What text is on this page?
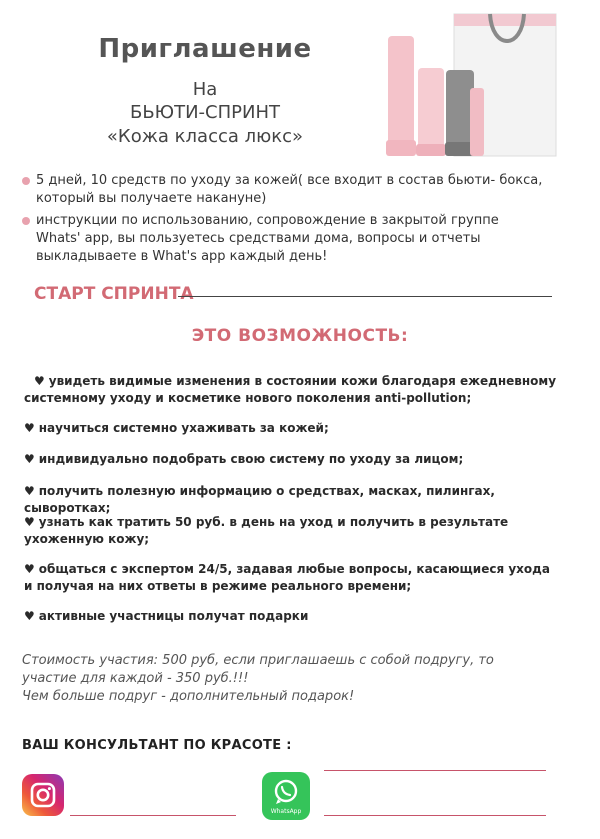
Приглашение
На
БЬЮТИ-СПРИНТ
«Кожа класса люкс»
5 дней, 10 средств по уходу за кожей( все входит в состав бьюти- бокса,
который вы получаете накануне)
инструкции по использованию, сопровождение в закрытой группе
Whats' app, вы пользуетесь средствами дома, вопросы и отчеты
выкладываете в What's app каждый день!
СТАРТ СПРИНТА
ЭТО ВОЗМОЖНОСТЬ:
♥ увидеть видимые изменения в состоянии кожи благодаря ежедневному
системному уходу и косметике нового поколения anti-pollution;
♥ научиться системно ухаживать за кожей;
♥ индивидуально подобрать свою систему по уходу за лицом;
♥ получить полезную информацию о средствах, масках, пилингах, сыворотках;
♥ узнать как тратить 50 руб. в день на уход и получить в результате
ухоженную кожу;
♥ общаться с экспертом 24/5, задавая любые вопросы, касающиеся ухода
и получая на них ответы в режиме реального времени;
♥ активные участницы получат подарки
Стоимость участия: 500 руб, если приглашаешь с собой подругу, то
участие для каждой - 350 руб.!!!
Чем больше подруг - дополнительный подарок!
ВАШ КОНСУЛЬТАНТ ПО КРАСОТЕ :
WhatsApp
